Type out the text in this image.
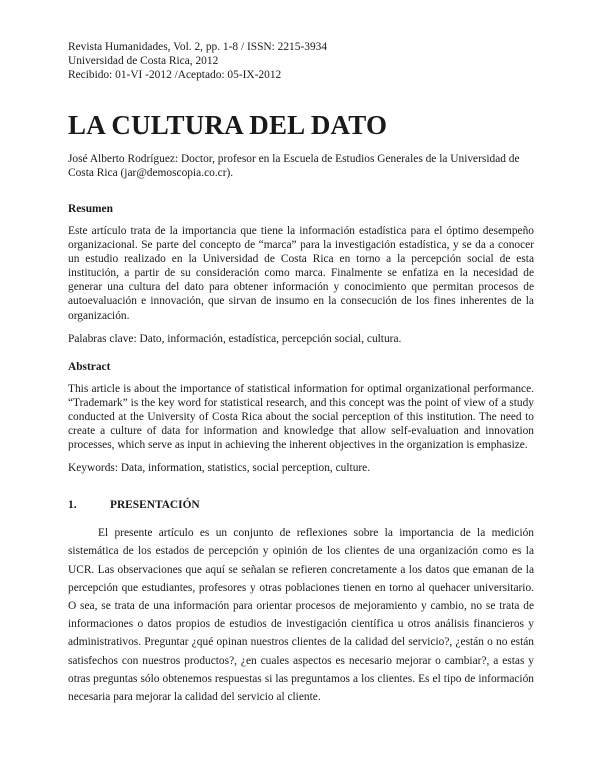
Revista Humanidades, Vol. 2, pp. 1-8 / ISSN: 2215-3934

Universidad de Costa Rica, 2012

Recibido: 01-VI -2012 /Aceptado: 05-IX-2012

LA CULTURA DEL DATO

José Alberto Rodríguez: Doctor, profesor en la Escuela de Estudios Generales de la Universidad de Costa Rica (jar@demoscopia.co.cr).

Resumen

Este artículo trata de la importancia que tiene la información estadística para el óptimo desempeño organizacional. Se parte del concepto de “marca” para la investigación estadística, y se da a conocer un estudio realizado en la Universidad de Costa Rica en torno a la percepción social de esta institución, a partir de su consideración como marca. Finalmente se enfatiza en la necesidad de generar una cultura del dato para obtener información y conocimiento que permitan procesos de autoevaluación e innovación, que sirvan de insumo en la consecución de los fines inherentes de la organización.

Palabras clave: Dato, información, estadística, percepción social, cultura.

Abstract

This article is about the importance of statistical information for optimal organizational performance. “Trademark” is the key word for statistical research, and this concept was the point of view of a study conducted at the University of Costa Rica about the social perception of this institution. The need to create a culture of data for information and knowledge that allow self-evaluation and innovation processes, which serve as input in achieving the inherent objectives in the organization is emphasize.

Keywords: Data, information, statistics, social perception, culture.

1.	PRESENTACIÓN

El presente artículo es un conjunto de reflexiones sobre la importancia de la medición sistemática de los estados de percepción y opinión de los clientes de una organización como es la UCR. Las observaciones que aquí se señalan se refieren concretamente a los datos que emanan de la percepción que estudiantes, profesores y otras poblaciones tienen en torno al quehacer universitario. O sea, se trata de una información para orientar procesos de mejoramiento y cambio, no se trata de informaciones o datos propios de estudios de investigación científica u otros análisis financieros y administrativos. Preguntar ¿qué opinan nuestros clientes de la calidad del servicio?, ¿están o no están satisfechos con nuestros productos?, ¿en cuales aspectos es necesario mejorar o cambiar?, a estas y otras preguntas sólo obtenemos respuestas si las preguntamos a los clientes. Es el tipo de información necesaria para mejorar la calidad del servicio al cliente.
